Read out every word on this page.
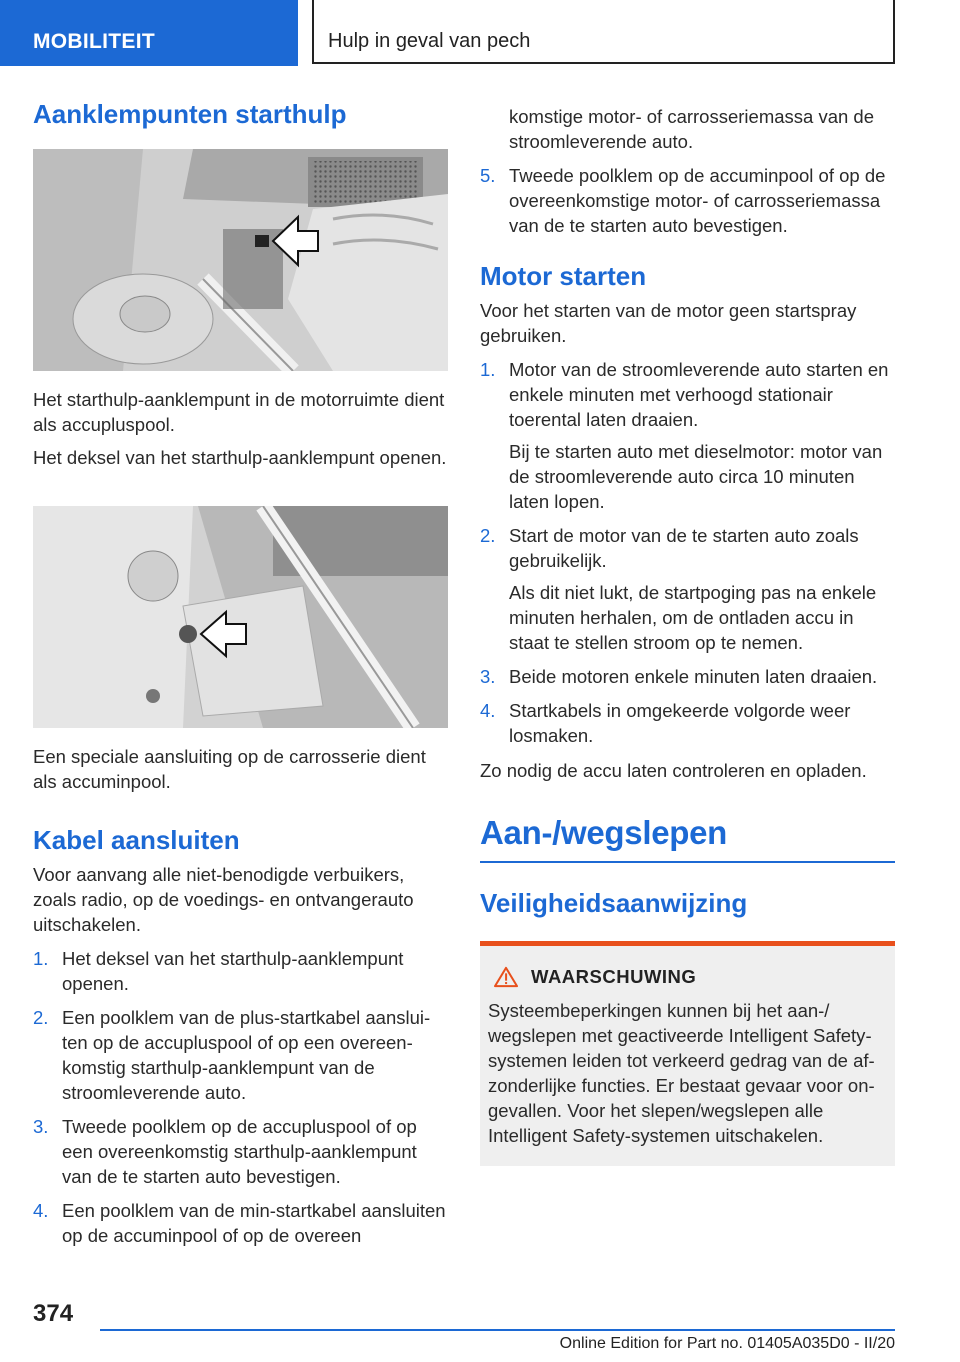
MOBILITEIT	Hulp in geval van pech
Aanklempunten starthulp

Het starthulp-aanklempunt in de motorruimte dient als accupluspool.

Het deksel van het starthulp-aanklempunt openen.

Een speciale aansluiting op de carrosserie dient als accuminpool.

Kabel aansluiten

Voor aanvang alle niet-benodigde verbuikers, zoals radio, op de voedings- en ontvangerauto uitschakelen.

1. Het deksel van het starthulp-aanklempunt openen.
2. Een poolklem van de plus-startkabel aansluiten op de accupluspool of op een overeenkomstig starthulp-aanklempunt van de stroomleverende auto.
3. Tweede poolklem op de accupluspool of op een overeenkomstig starthulp-aanklempunt van de te starten auto bevestigen.
4. Een poolklem van de min-startkabel aansluiten op de accuminpool of op de overeen
komstige motor- of carrosseriemassa van de stroomleverende auto.
5. Tweede poolklem op de accuminpool of op de overeenkomstige motor- of carrosseriemassa van de te starten auto bevestigen.
Motor starten

Voor het starten van de motor geen startspray gebruiken.

1. Motor van de stroomleverende auto starten en enkele minuten met verhoogd stationair toerental laten draaien.
Bij te starten auto met dieselmotor: motor van de stroomleverende auto circa 10 minuten laten lopen.
2. Start de motor van de te starten auto zoals gebruikelijk.
Als dit niet lukt, de startpoging pas na enkele minuten herhalen, om de ontladen accu in staat te stellen stroom op te nemen.
3. Beide motoren enkele minuten laten draaien.
4. Startkabels in omgekeerde volgorde weer losmaken.

Zo nodig de accu laten controleren en opladen.

Aan-/wegslepen
Veiligheidsaanwijzing
WAARSCHUWING

Systeembeperkingen kunnen bij het aan-/ wegslepen met geactiveerde Intelligent Safetysystemen leiden tot verkeerd gedrag van de afzonderlijke functies. Er bestaat gevaar voor ongevallen. Voor het slepen/wegslepen alle Intelligent Safety-systemen uitschakelen.

374
Online Edition for Part no. 01405A035D0 - II/20
